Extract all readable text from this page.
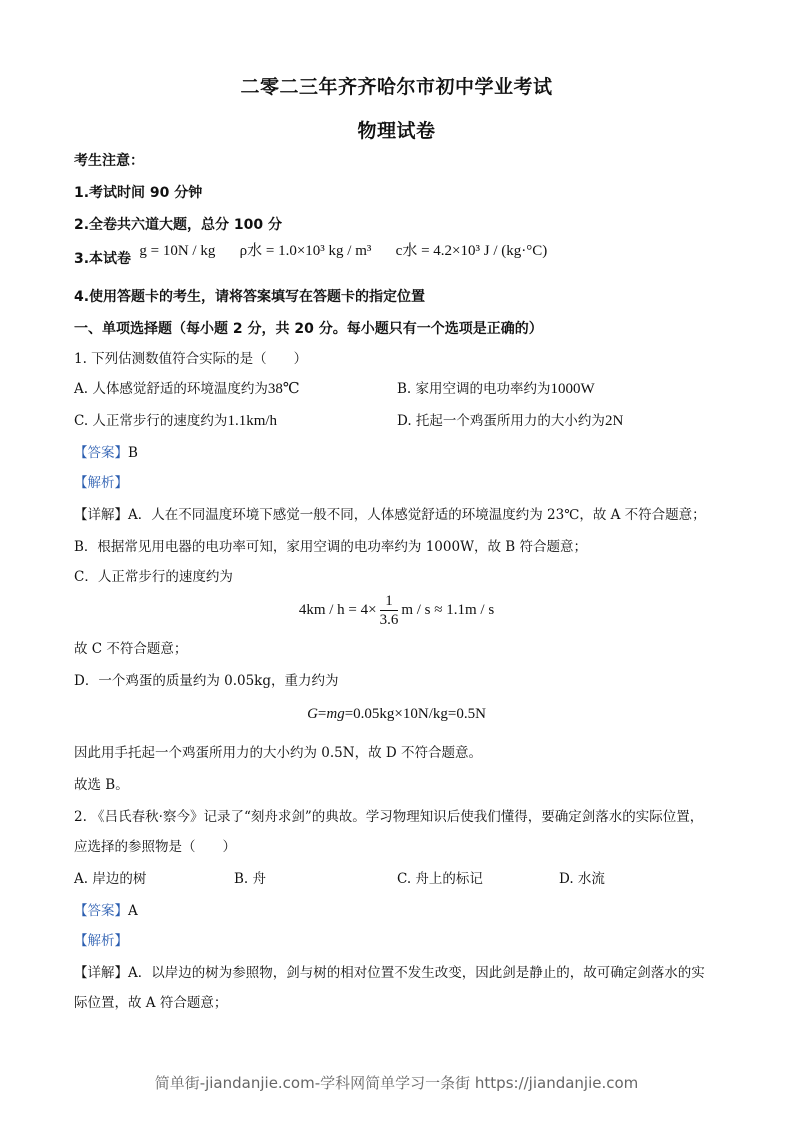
二零二三年齐齐哈尔市初中学业考试
物理试卷
考生注意：
1.考试时间 90 分钟
2.全卷共六道大题，总分 100 分
3.本试卷 g = 10N / kg ρ水 = 1.0×10³ kg / m³ c水 = 4.2×10³ J / (kg·°C)
4.使用答题卡的考生，请将答案填写在答题卡的指定位置
一、单项选择题（每小题 2 分，共 20 分。每小题只有一个选项是正确的）
1. 下列估测数值符合实际的是（　　）
A. 人体感觉舒适的环境温度约为38℃	B. 家用空调的电功率约为1000W
C. 人正常步行的速度约为1.1km/h	D. 托起一个鸡蛋所用力的大小约为2N
【答案】B
【解析】
【详解】A．人在不同温度环境下感觉一般不同，人体感觉舒适的环境温度约为 23℃，故 A 不符合题意；
B．根据常见用电器的电功率可知，家用空调的电功率约为 1000W，故 B 符合题意；
C．人正常步行的速度约为
$4km / h = 4\times \frac{1}{3.6}$ m / s ≈ 1.1m / s
故 C 不符合题意；
D．一个鸡蛋的质量约为 0.05kg，重力约为
G=mg=0.05kg×10N/kg=0.5N
因此用手托起一个鸡蛋所用力的大小约为 0.5N，故 D 不符合题意。
故选 B。
2. 《吕氏春秋·察今》记录了“刻舟求剑”的典故。学习物理知识后使我们懂得，要确定剑落水的实际位置，
应选择的参照物是（　　）
A. 岸边的树	B. 舟	C. 舟上的标记	D. 水流
【答案】A
【解析】
【详解】A．以岸边的树为参照物，剑与树的相对位置不发生改变，因此剑是静止的，故可确定剑落水的实
际位置，故 A 符合题意；
简单街-jiandanjie.com-学科网简单学习一条街 https://jiandanjie.com
